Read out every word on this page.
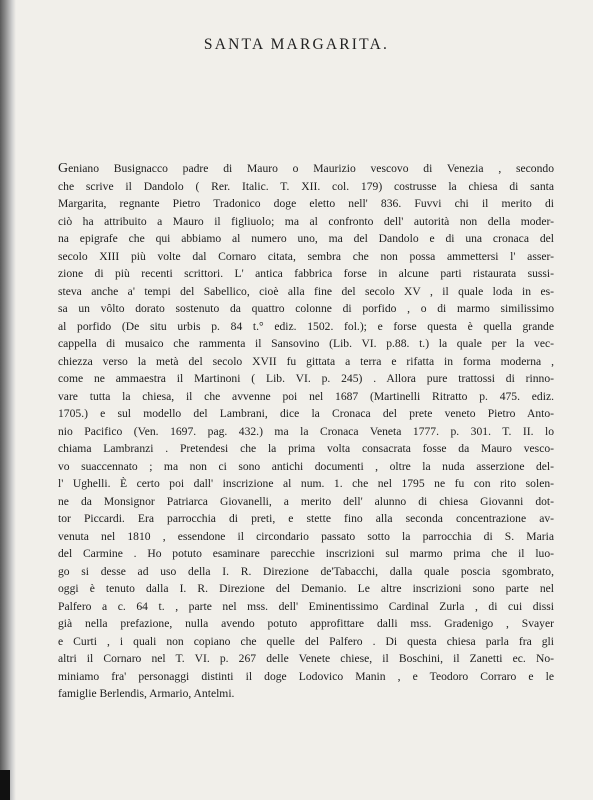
SANTA MARGARITA.
Geniano Busignacco padre di Mauro o Maurizio vescovo di Venezia , secondo
che scrive il Dandolo ( Rer. Italic. T. XII. col. 179) costrusse la chiesa di santa
Margarita, regnante Pietro Tradonico doge eletto nell' 836. Fuvvi chi il merito di
ciò ha attribuito a Mauro il figliuolo; ma al confronto dell' autorità non della moder-
na epigrafe che qui abbiamo al numero uno, ma del Dandolo e di una cronaca del
secolo XIII più volte dal Cornaro citata, sembra che non possa ammettersi l' asser-
zione di più recenti scrittori. L' antica fabbrica forse in alcune parti ristaurata sussi-
steva anche a' tempi del Sabellico, cioè alla fine del secolo XV , il quale loda in es-
sa un vôlto dorato sostenuto da quattro colonne di porfido , o di marmo similissimo
al porfido (De situ urbis p. 84 t.° ediz. 1502. fol.); e forse questa è quella grande
cappella di musaico che rammenta il Sansovino (Lib. VI. p.88. t.) la quale per la vec-
chiezza verso la metà del secolo XVII fu gittata a terra e rifatta in forma moderna ,
come ne ammaestra il Martinoni ( Lib. VI. p. 245) . Allora pure trattossi di rinno-
vare tutta la chiesa, il che avvenne poi nel 1687 (Martinelli Ritratto p. 475. ediz.
1705.) e sul modello del Lambrani, dice la Cronaca del prete veneto Pietro Anto-
nio Pacifico (Ven. 1697. pag. 432.) ma la Cronaca Veneta 1777. p. 301. T. II. lo
chiama Lambranzi . Pretendesi che la prima volta consacrata fosse da Mauro vesco-
vo suaccennato ; ma non ci sono antichi documenti , oltre la nuda asserzione del-
l' Ughelli. È certo poi dall' inscrizione al num. 1. che nel 1795 ne fu con rito solen-
ne da Monsignor Patriarca Giovanelli, a merito dell' alunno di chiesa Giovanni dot-
tor Piccardi. Era parrocchia di preti, e stette fino alla seconda concentrazione av-
venuta nel 1810 , essendone il circondario passato sotto la parrocchia di S. Maria
del Carmine . Ho potuto esaminare parecchie inscrizioni sul marmo prima che il luo-
go si desse ad uso della I. R. Direzione de'Tabacchi, dalla quale poscia sgombrato,
oggi è tenuto dalla I. R. Direzione del Demanio. Le altre inscrizioni sono parte nel
Palfero a c. 64 t. , parte nel mss. dell' Eminentissimo Cardinal Zurla , di cui dissi
già nella prefazione, nulla avendo potuto approfittare dalli mss. Gradenigo , Svayer
e Curti , i quali non copiano che quelle del Palfero . Di questa chiesa parla fra gli
altri il Cornaro nel T. VI. p. 267 delle Venete chiese, il Boschini, il Zanetti ec. No-
miniamo fra' personaggi distinti il doge Lodovico Manin , e Teodoro Corraro e le
famiglie Berlendis, Armario, Antelmi.
